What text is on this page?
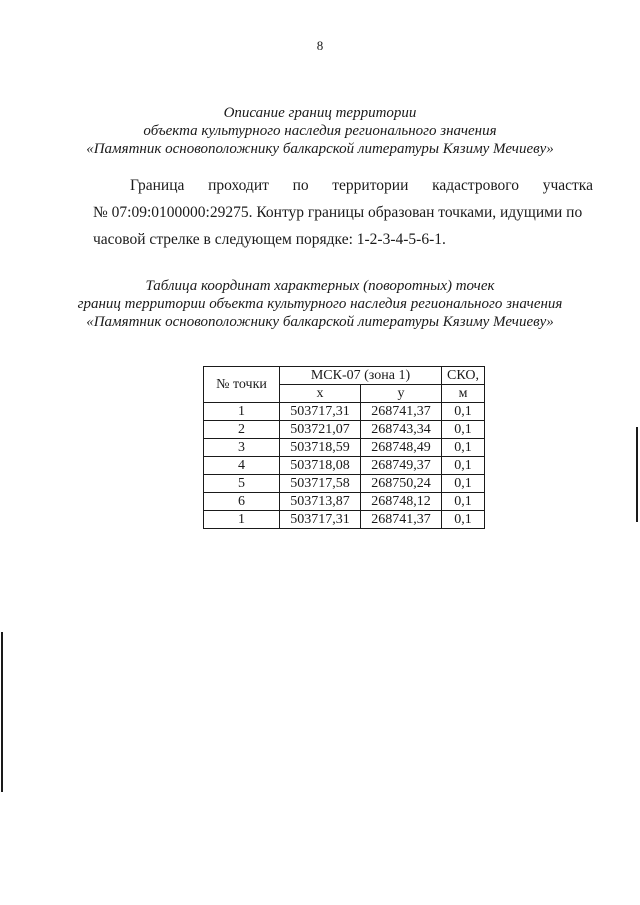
8

Описание границ территории

объекта культурного наследия регионального значения

«Памятник основоположнику балкарской литературы Кязиму Мечиеву»

Граница проходит по территории кадастрового участка
№ 07:09:0100000:29275. Контур границы образован точками, идущими по
часовой стрелке в следующем порядке: 1-2-3-4-5-6-1.

Таблица координат характерных (поворотных) точек

границ территории объекта культурного наследия регионального значения

«Памятник основоположнику балкарской литературы Кязиму Мечиеву»

№ точки	МСК-07 (зона 1)		СКО,
	x	y	м
1	503717,31	268741,37	0,1
2	503721,07	268743,34	0,1
3	503718,59	268748,49	0,1
4	503718,08	268749,37	0,1
5	503717,58	268750,24	0,1
6	503713,87	268748,12	0,1
1	503717,31	268741,37	0,1
